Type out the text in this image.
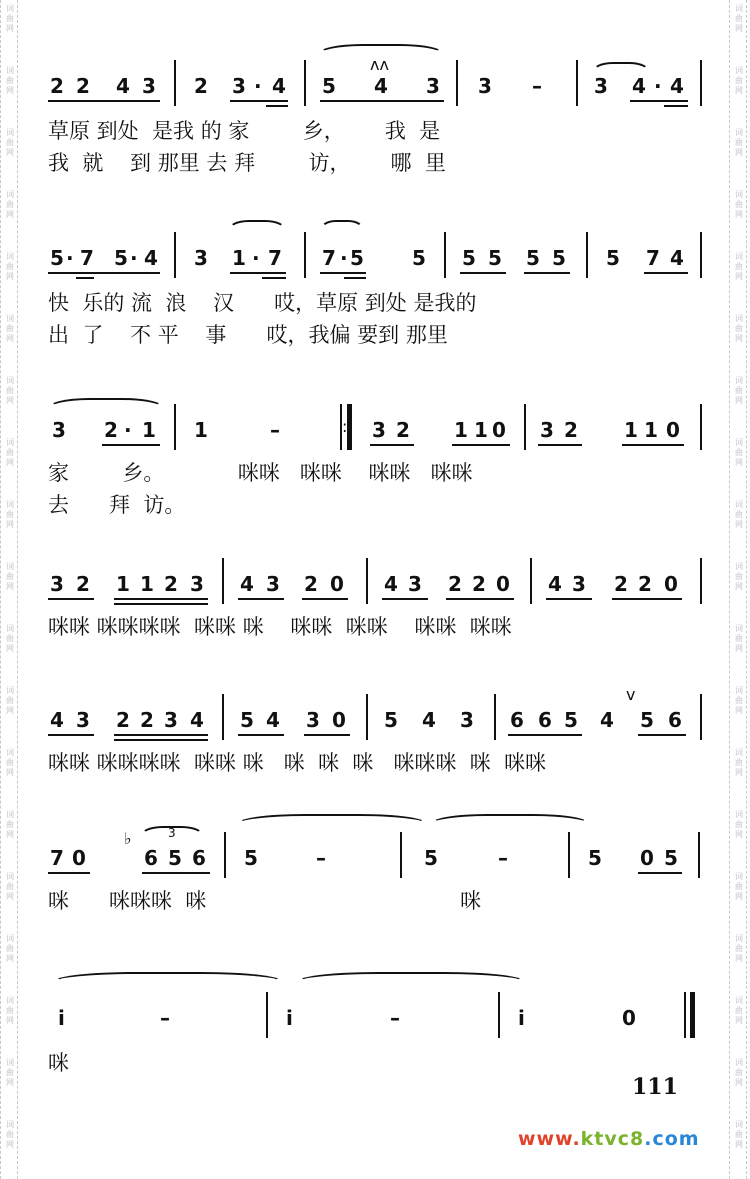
词
曲
网
词
曲
网
词
曲
网
词
曲
网
词
曲
网
词
曲
网
词
曲
网
词
曲
网
词
曲
网
词
曲
网
词
曲
网
词
曲
网
词
曲
网
词
曲
网
词
曲
网
词
曲
网
词
曲
网
词
曲
网
词
曲
网
词
曲
网
词
曲
网
词
曲
网
词
曲
网
词
曲
网
词
曲
网
词
曲
网
词
曲
网
词
曲
网
词
曲
网
词
曲
网
词
曲
网
词
曲
网
词
曲
网
词
曲
网
词
曲
网
词
曲
网
词
曲
网
词
曲
网
ʌʌ
2 2 4 3 2 3 · 4 5 4 3 3 –	3 4 · 4
草原 到处  是我 的 家        乡，      我  是
我  就    到 那里 去 拜        访，      哪  里
5 · 7 5 · 4 3 1 · 7 7 · 5 5 5 5 5 5 5 7 4
快  乐的 流  浪    汉      哎，草原 到处 是我的
出  了    不 平    事      哎，我偏 要到 那里
3 2 · 1 1	–	: 3 2 1 1 0 3 2 1 1 0
家        乡。           咪咪   咪咪    咪咪   咪咪
去      拜  访。
3 2 1 1 2 3 4 3 2 0 4 3 2 2 0 4 3 2 2 0
咪咪 咪咪咪咪  咪咪 咪    咪咪  咪咪    咪咪  咪咪
v
4 3 2 2 3 4 5 4 3 0 5 4 3 6 6 5 4 5 6
咪咪 咪咪咪咪  咪咪 咪   咪  咪  咪   咪咪咪  咪  咪咪
3
♭
7 0	6 5 6 5	–	5	–	5 0 5
咪      咪咪咪  咪                                      咪
i	–	i	–	i	0
咪
111
www.ktvc8.com
